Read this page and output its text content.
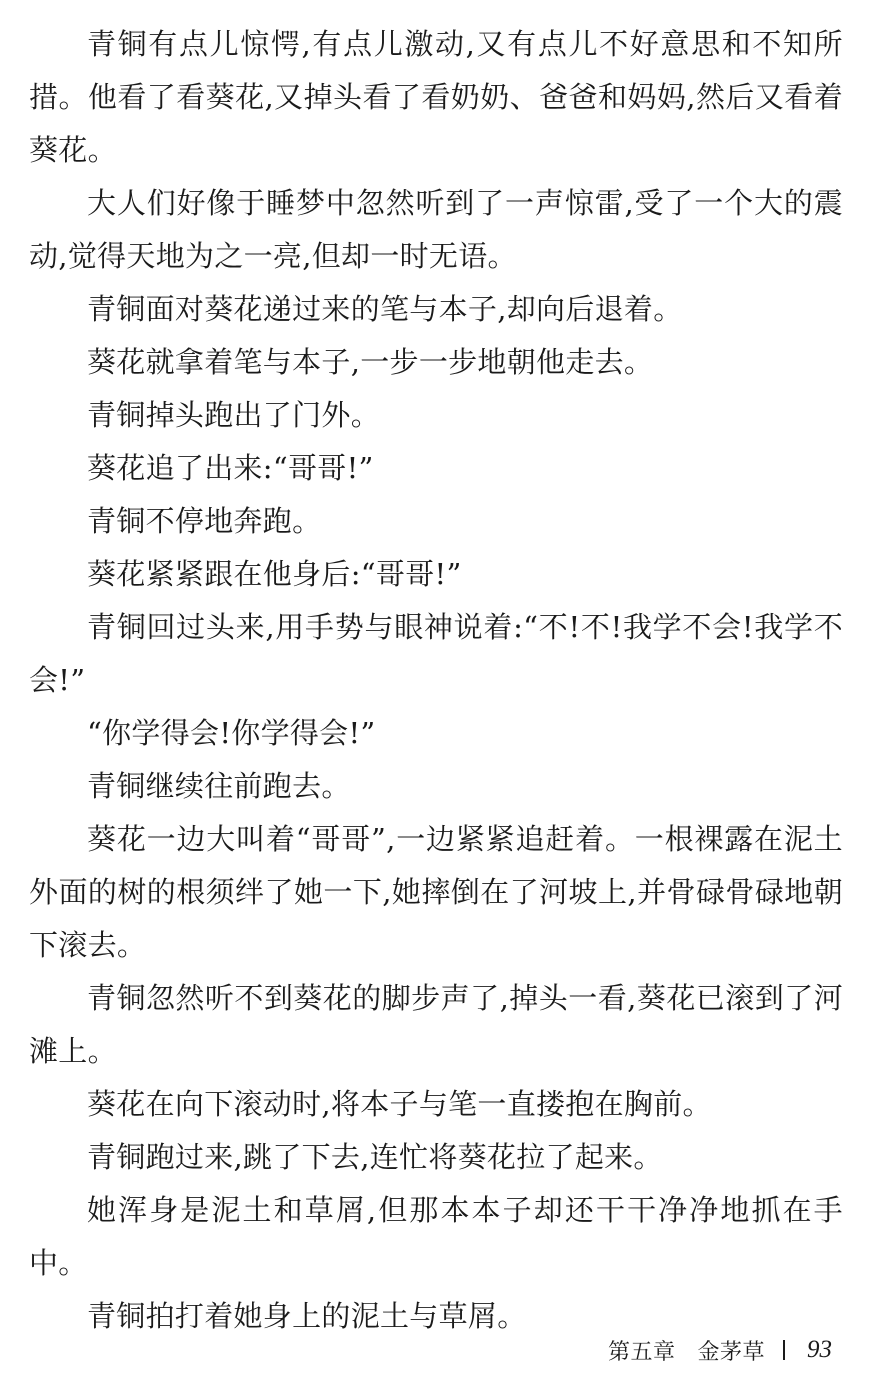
青铜有点儿惊愕,有点儿激动,又有点儿不好意思和不知所措。他看了看葵花,又掉头看了看奶奶、爸爸和妈妈,然后又看着葵花。

大人们好像于睡梦中忽然听到了一声惊雷,受了一个大的震动,觉得天地为之一亮,但却一时无语。

青铜面对葵花递过来的笔与本子,却向后退着。

葵花就拿着笔与本子,一步一步地朝他走去。

青铜掉头跑出了门外。

葵花追了出来:“哥哥!”

青铜不停地奔跑。

葵花紧紧跟在他身后:“哥哥!”

青铜回过头来,用手势与眼神说着:“不!不!我学不会!我学不会!”

“你学得会!你学得会!”

青铜继续往前跑去。

葵花一边大叫着“哥哥”,一边紧紧追赶着。一根裸露在泥土外面的树的根须绊了她一下,她摔倒在了河坡上,并骨碌骨碌地朝下滚去。

青铜忽然听不到葵花的脚步声了,掉头一看,葵花已滚到了河滩上。

葵花在向下滚动时,将本子与笔一直搂抱在胸前。

青铜跑过来,跳了下去,连忙将葵花拉了起来。

她浑身是泥土和草屑,但那本本子却还干干净净地抓在手中。

青铜拍打着她身上的泥土与草屑。

第五章 金茅草 93
